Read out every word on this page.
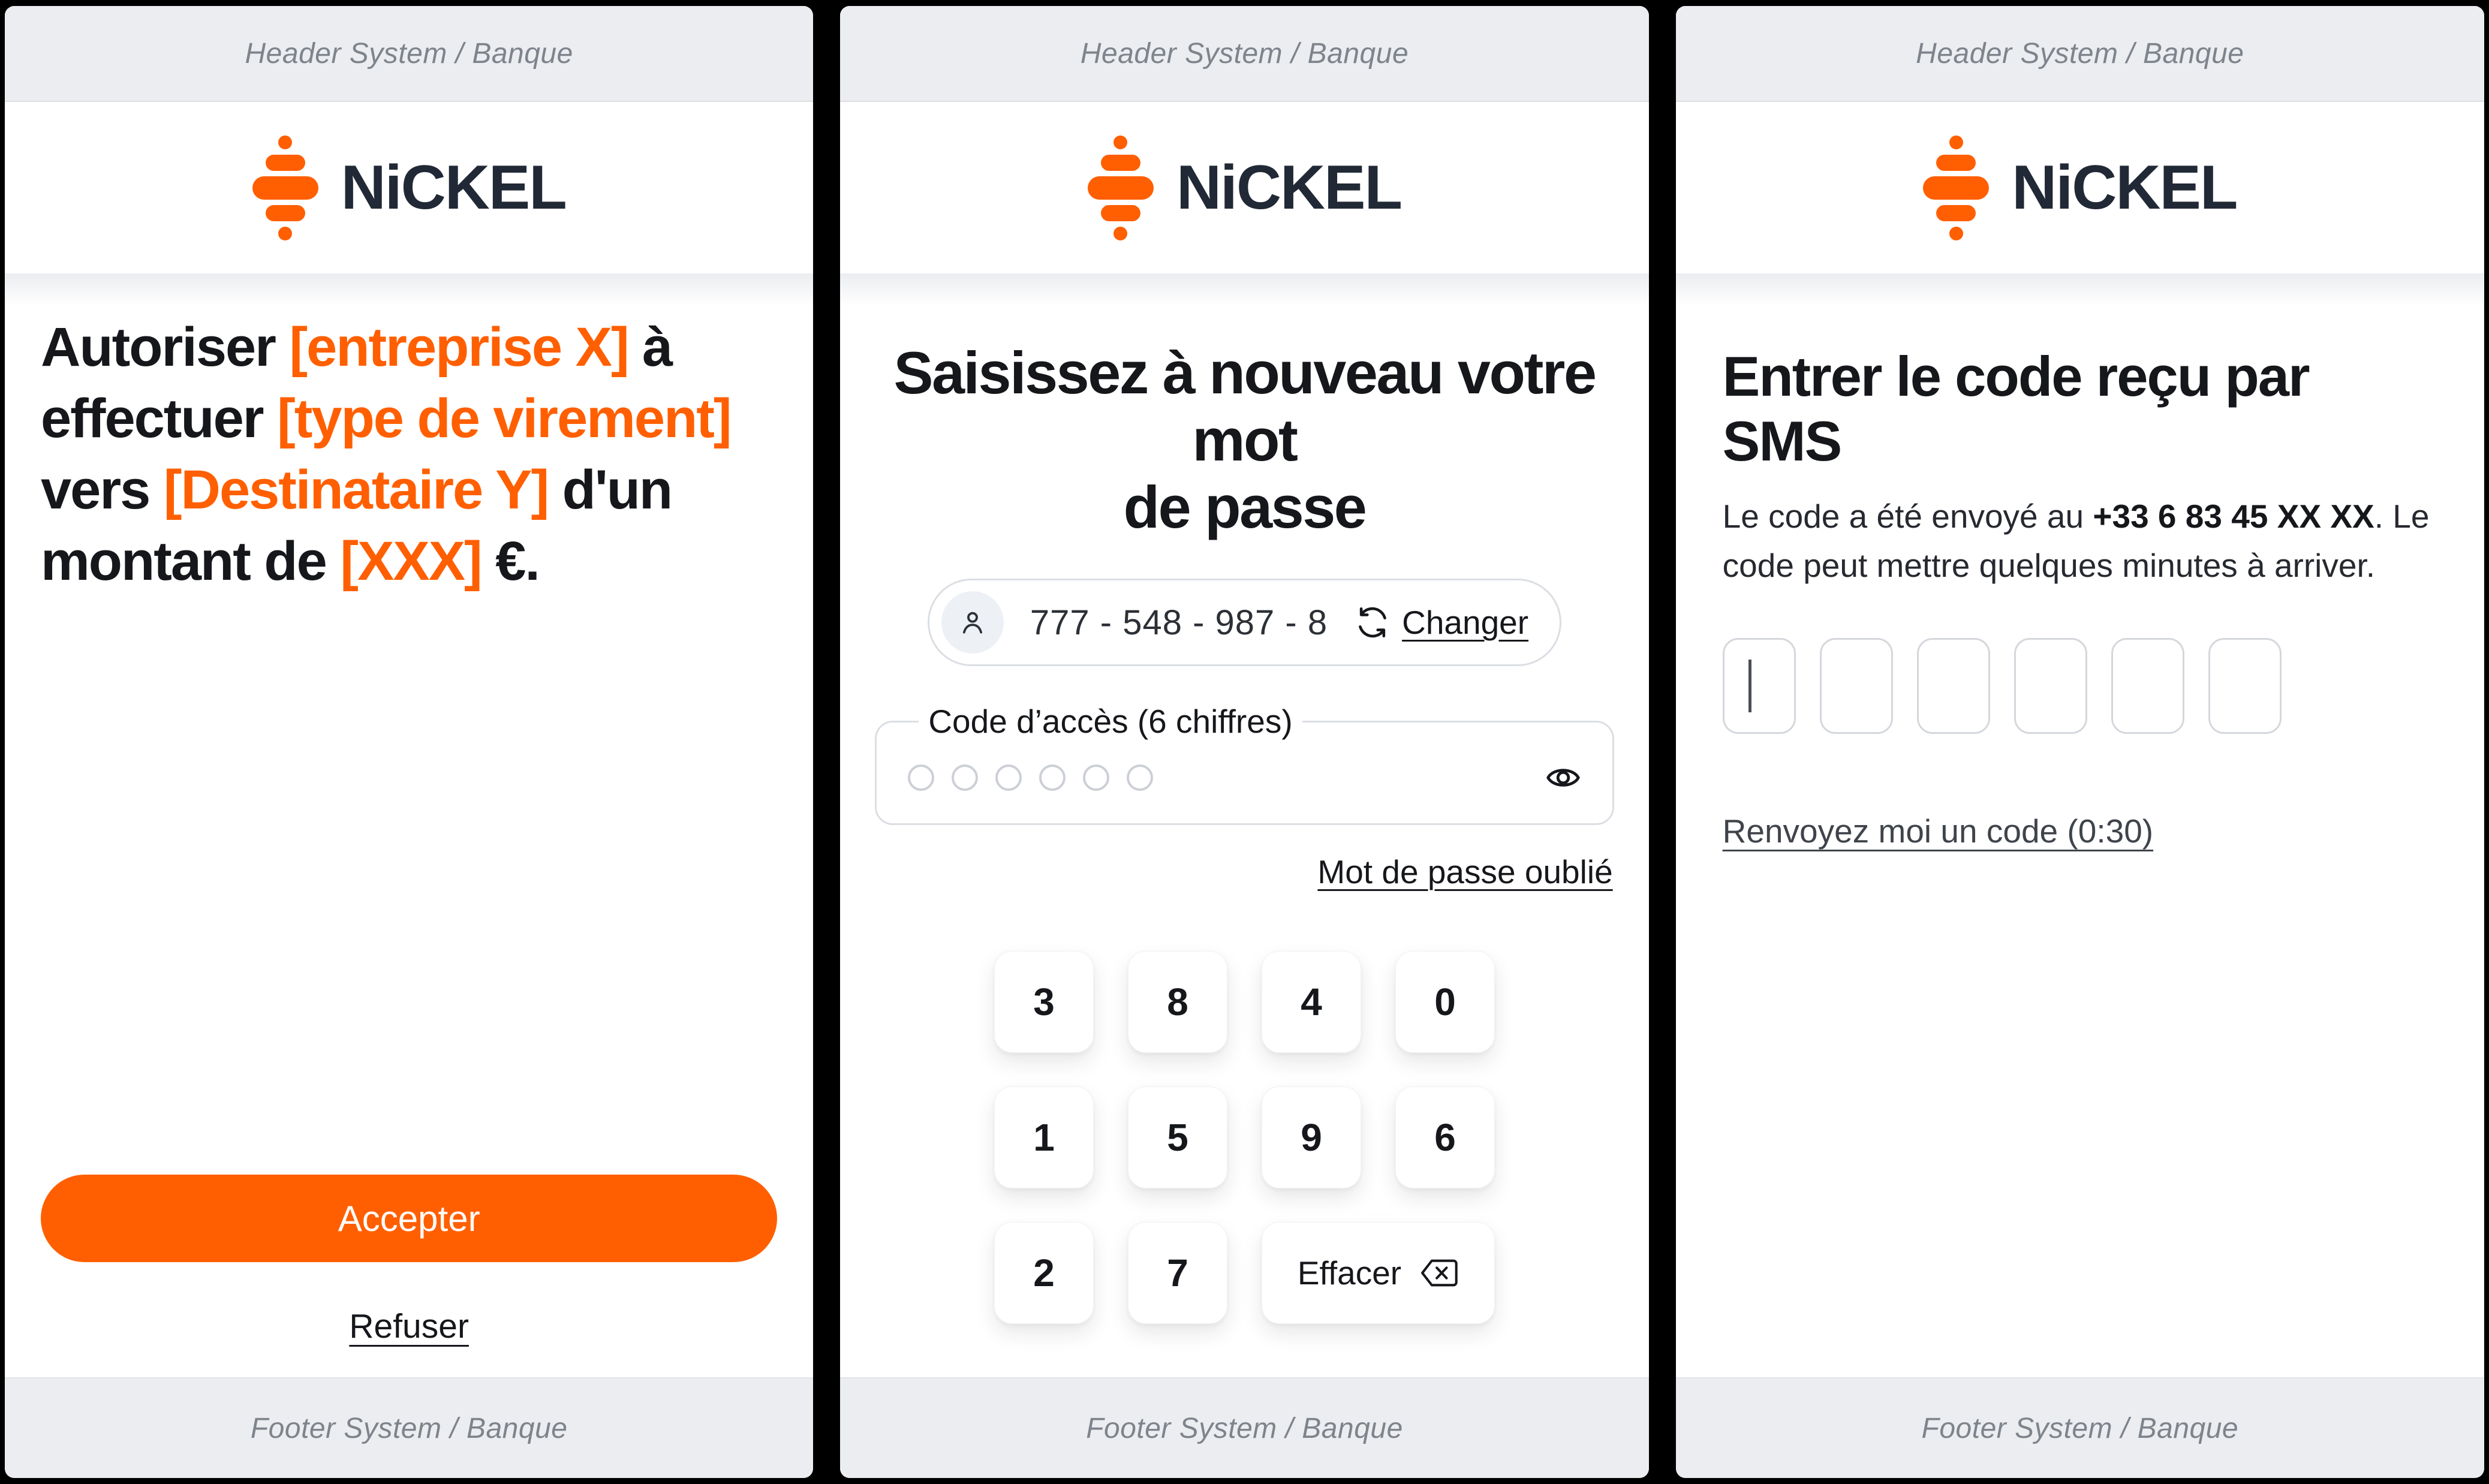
Header System / Banque
NiCKEL

Autoriser [entreprise X] à
effectuer [type de virement]
vers [Destinataire Y] d'un
montant de [XXX] €.

Accepter
Refuser
Footer System / Banque
Header System / Banque
NiCKEL
Saisissez à nouveau votre mot
de passe
777 - 548 - 987 - 8 Changer
Code d’accès (6 chiffres)
Mot de passe oublié
3	8	4	0
1	5	9	6
2	7	Effacer
Footer System / Banque
Header System / Banque
NiCKEL
Entrer le code reçu par SMS

Le code a été envoyé au +33 6 83 45 XX XX. Le
code peut mettre quelques minutes à arriver.

Renvoyez moi un code (0:30)
Footer System / Banque
